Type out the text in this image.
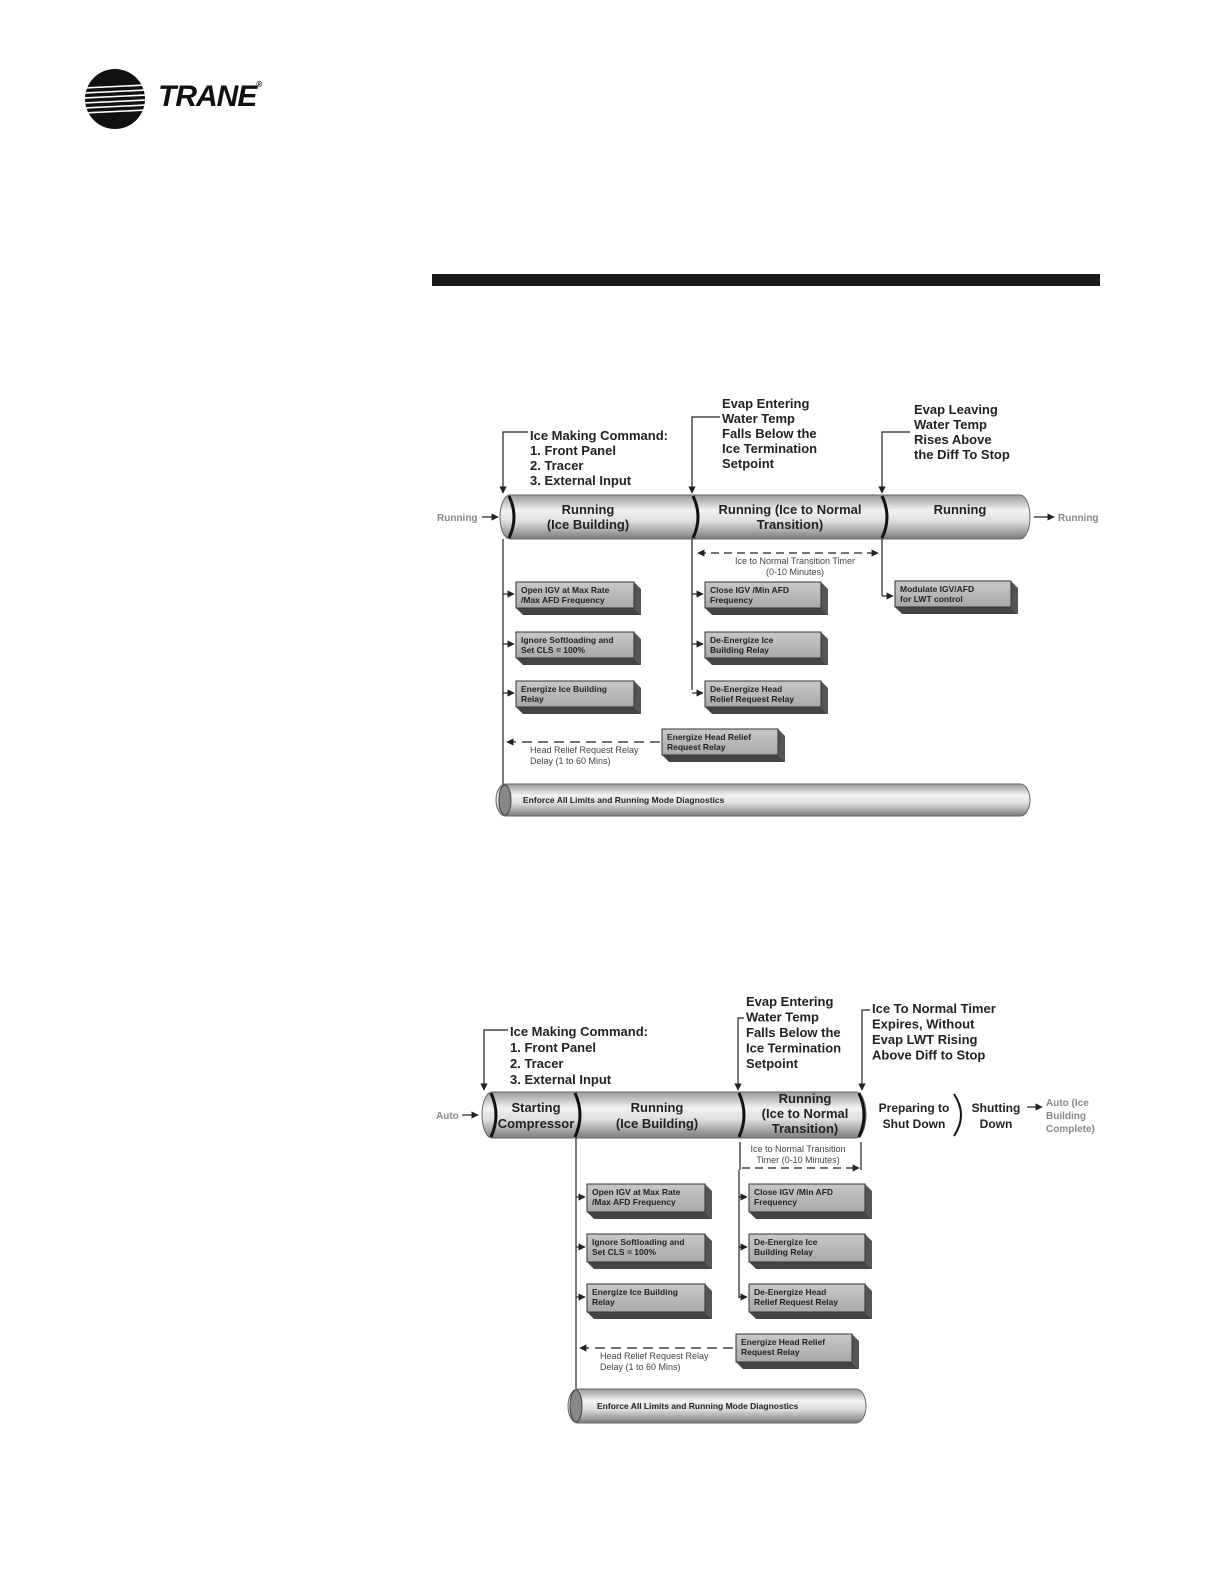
TRANE®
Running	Running
Running
(Ice Building)
Running (Ice to Normal
Transition)
Running
Ice Making Command:
1. Front Panel
2. Tracer
3. External Input
Evap Entering
Water Temp
Falls Below the
Ice Termination
Setpoint
Evap Leaving
Water Temp
Rises Above
the Diff To Stop
Ice to Normal Transition Timer
(0-10 Minutes)
Open IGV at Max Rate
/Max AFD Frequency
Ignore Softloading and
Set CLS = 100%
Energize Ice Building
Relay
Close IGV /Min AFD
Frequency
De-Energize Ice
Building Relay
De-Energize Head
Relief Request Relay
Modulate IGV/AFD
for LWT control
Energize Head Relief
Request Relay
Head Relief Request Relay
Delay (1 to 60 Mins)
Enforce All Limits and Running Mode Diagnostics
Auto
Starting
Compressor
Running
(Ice Building)
Running
(Ice to Normal
Transition)
Preparing to
Shut Down
Shutting
Down
Auto (Ice
Building
Complete)
Ice Making Command:
1. Front Panel
2. Tracer
3. External Input
Evap Entering
Water Temp
Falls Below the
Ice Termination
Setpoint
Ice To Normal Timer
Expires, Without
Evap LWT Rising
Above Diff to Stop
Ice to Normal Transition
Timer (0-10 Minutes)
Open IGV at Max Rate
/Max AFD Frequency
Ignore Softloading and
Set CLS = 100%
Energize Ice Building
Relay
Close IGV /Min AFD
Frequency
De-Energize Ice
Building Relay
De-Energize Head
Relief Request Relay
Energize Head Relief
Request Relay
Head Relief Request Relay
Delay (1 to 60 Mins)
Enforce All Limits and Running Mode Diagnostics
